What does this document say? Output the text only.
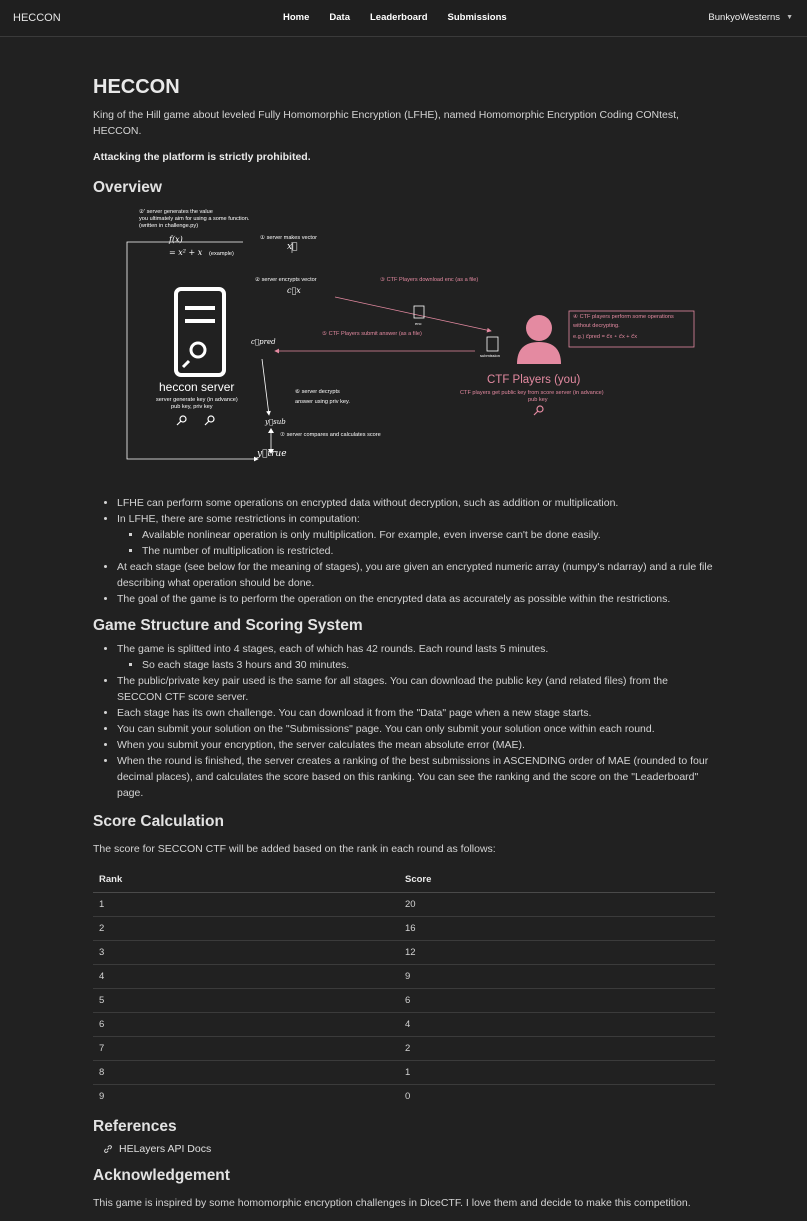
HECCON	Home Data Leaderboard Submissions	BunkyoWesterns ▼
HECCON

King of the Hill game about leveled Fully Homomorphic Encryption (LFHE), named Homomorphic Encryption Coding CONtest, HECCON.

Attacking the platform is strictly prohibited.

Overview
②' server generates the value
you ultimately aim for using a some function.
(written in challenge.py)
f(x)
= x² + x (example)
① server makes vector
x⃗
② server encrypts vector
c⃗x
③ CTF Players download enc (as a file)
enc
④ CTF players perform some operations
without decrypting.
e.g.) c⃗pred = c⃗x ∘ c⃗x + c⃗x
⑤ CTF Players submit answer (as a file)
submission
c⃗pred
heccon server
server generate key (in advance)
pub key, priv key
⑥ server decrypts
answer using priv key.
y⃗sub
⑦ server compares and calculates score
y⃗true
CTF Players (you)
CTF players get public key from score server (in advance)
pub key
• LFHE can perform some operations on encrypted data without decryption, such as addition or multiplication.
• In LFHE, there are some restrictions in computation:
▪ Available nonlinear operation is only multiplication. For example, even inverse can't be done easily.
▪ The number of multiplication is restricted.
• At each stage (see below for the meaning of stages), you are given an encrypted numeric array (numpy's ndarray) and a rule file describing what operation should be done.
• The goal of the game is to perform the operation on the encrypted data as accurately as possible within the restrictions.
Game Structure and Scoring System
• The game is splitted into 4 stages, each of which has 42 rounds. Each round lasts 5 minutes.
▪ So each stage lasts 3 hours and 30 minutes.
• The public/private key pair used is the same for all stages. You can download the public key (and related files) from the SECCON CTF score server.
• Each stage has its own challenge. You can download it from the "Data" page when a new stage starts.
• You can submit your solution on the "Submissions" page. You can only submit your solution once within each round.
• When you submit your encryption, the server calculates the mean absolute error (MAE).
• When the round is finished, the server creates a ranking of the best submissions in ASCENDING order of MAE (rounded to four decimal places), and calculates the score based on this ranking. You can see the ranking and the score on the "Leaderboard" page.
Score Calculation

The score for SECCON CTF will be added based on the rank in each round as follows:

Rank	Score
1	20
2	16
3	12
4	9
5	6
6	4
7	2
8	1
9	0
References
HELayers API Docs
Acknowledgement

This game is inspired by some homomorphic encryption challenges in DiceCTF. I love them and decide to make this competition.
